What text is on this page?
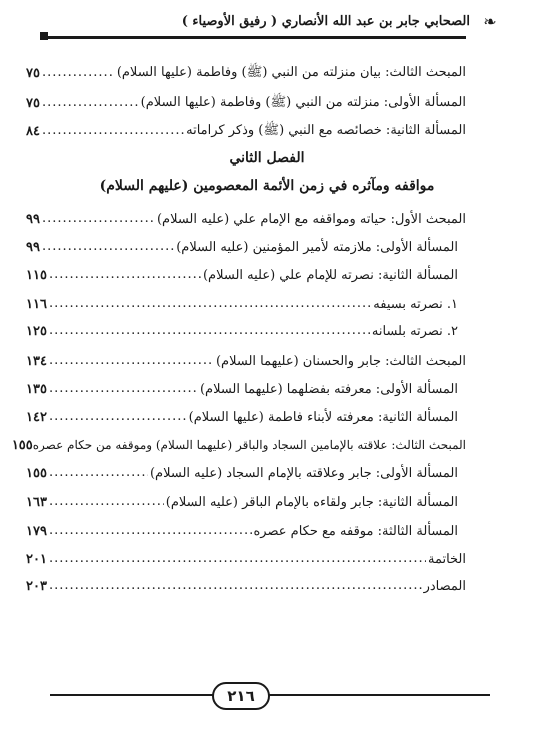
❧
الصحابي جابر بن عبد الله الأنصاري ( رفيق الأوصياء )
المبحث الثالث: بيان منزلته من النبي (ﷺ) وفاطمة (عليها السلام)
.....
٧٥
المسألة الأولى: منزلته من النبي (ﷺ) وفاطمة (عليها السلام)
.....
٧٥
المسألة الثانية: خصائصه مع النبي (ﷺ) وذكر كراماته
.....
٨٤
الفصل الثاني
مواقفه ومآثره في زمن الأئمة المعصومين (عليهم السلام)
المبحث الأول: حياته ومواقفه مع الإمام علي (عليه السلام)
.....
٩٩
المسألة الأولى: ملازمته لأمير المؤمنين (عليه السلام)
.....
٩٩
المسألة الثانية: نصرته للإمام علي (عليه السلام)
.....
١١٥
١. نصرته بسيفه
.....
١١٦
٢. نصرته بلسانه
.....
١٢٥
المبحث الثالث: جابر والحسنان (عليهما السلام)
.....
١٣٤
المسألة الأولى: معرفته بفضلهما (عليهما السلام)
.....
١٣٥
المسألة الثانية: معرفته لأبناء فاطمة (عليها السلام)
.....
١٤٢
المبحث الثالث: علاقته بالإمامين السجاد والباقر (عليهما السلام) وموقفه من حكام عصره
١٥٥
المسألة الأولى: جابر وعلاقته بالإمام السجاد (عليه السلام)
.....
١٥٥
المسألة الثانية: جابر ولقاءه بالإمام الباقر (عليه السلام)
.....
١٦٣
المسألة الثالثة: موقفه مع حكام عصره
.....
١٧٩
الخاتمة
.....
٢٠١
المصادر
.....
٢٠٣
٢١٦
